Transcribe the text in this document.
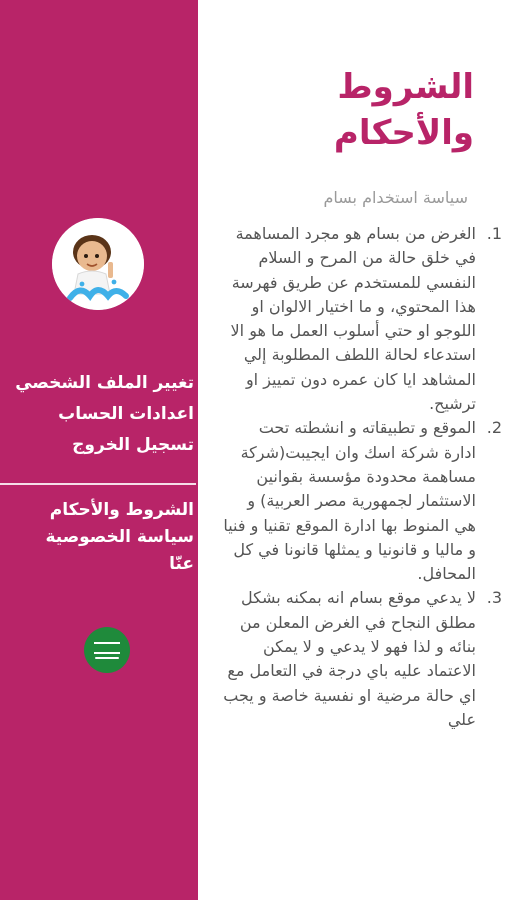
تغيير الملف الشخصي
اعدادات الحساب
تسجيل الخروج
الشروط والأحكام
سياسة الخصوصية
عنّا
الشروط والأحكام
سياسة استخدام بسام

1.
الغرض من بسام هو مجرد المساهمة في خلق حالة من المرح و السلام النفسي للمستخدم عن طريق فهرسة هذا المحتوي، و ما اختيار الالوان او اللوجو او حتي أسلوب العمل ما هو الا استدعاء لحالة اللطف المطلوبة إلي المشاهد ايا كان عمره دون تمييز او ترشيح.

2.
الموقع و تطبيقاته و انشطته تحت ادارة شركة اسك وان ايجيبت(شركة مساهمة محدودة مؤسسة بقوانين الاستثمار لجمهورية مصر العربية) و هي المنوط بها ادارة الموقع تقنيا و فنيا و ماليا و قانونيا و يمثلها قانونا في كل المحافل.

3.
لا يدعي موقع بسام انه بمكنه بشكل مطلق النجاح في الغرض المعلن من بنائه و لذا فهو لا يدعي و لا يمكن الاعتماد عليه باي درجة في التعامل مع اي حالة مرضية او نفسية خاصة و يجب علي
